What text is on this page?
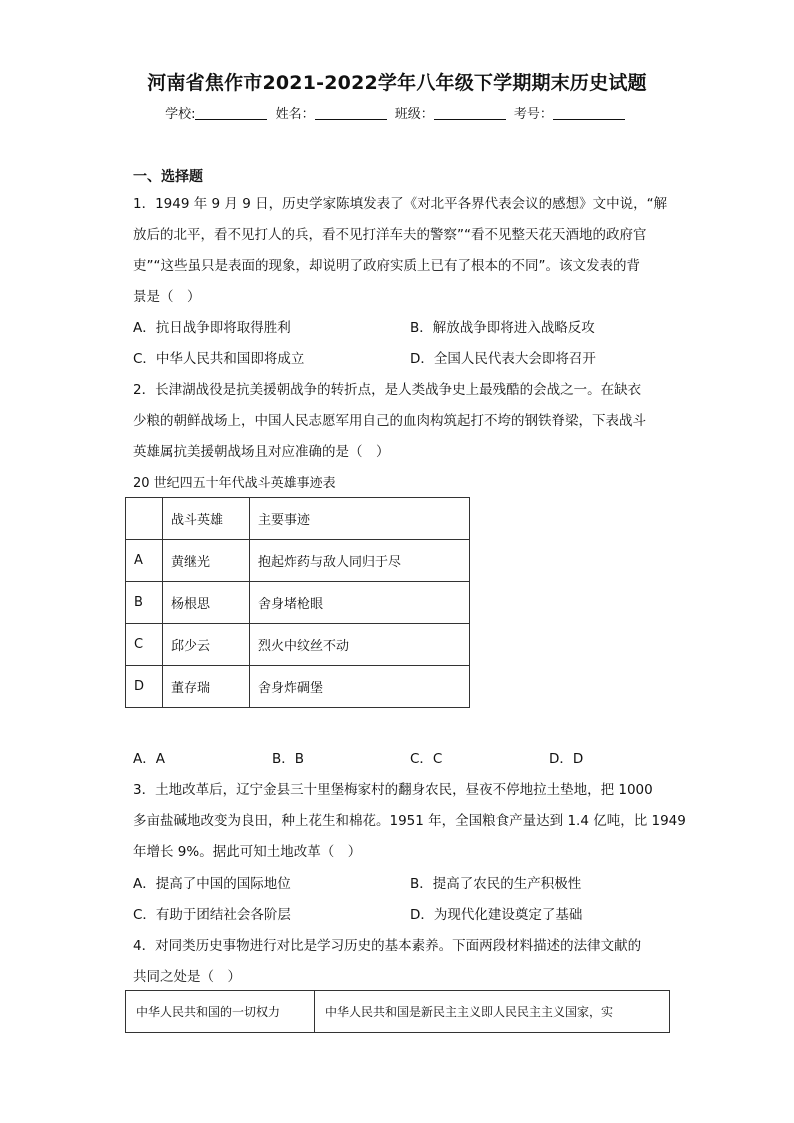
河南省焦作市2021-2022学年八年级下学期期末历史试题
学校:	姓名：	班级：	考号：
一、选择题
1．1949 年 9 月 9 日，历史学家陈填发表了《对北平各界代表会议的感想》文中说，“解
放后的北平，看不见打人的兵，看不见打洋车夫的警察”“看不见整天花天酒地的政府官
吏”“这些虽只是表面的现象，却说明了政府实质上已有了根本的不同”。该文发表的背
景是（　）
A．抗日战争即将取得胜利	B．解放战争即将进入战略反攻
C．中华人民共和国即将成立	D．全国人民代表大会即将召开
2．长津湖战役是抗美援朝战争的转折点，是人类战争史上最残酷的会战之一。在缺衣
少粮的朝鲜战场上，中国人民志愿军用自己的血肉构筑起打不垮的钢铁脊梁，下表战斗
英雄属抗美援朝战场且对应准确的是（　）
20 世纪四五十年代战斗英雄事迹表
	战斗英雄	主要事迹
A	黄继光	抱起炸药与敌人同归于尽
B	杨根思	舍身堵枪眼
C	邱少云	烈火中纹丝不动
D	董存瑞	舍身炸碉堡
A．A	B．B	C．C	D．D
3．土地改革后，辽宁金县三十里堡梅家村的翻身农民，昼夜不停地拉土垫地，把 1000
多亩盐碱地改变为良田，种上花生和棉花。1951 年，全国粮食产量达到 1.4 亿吨，比 1949
年增长 9%。据此可知土地改革（　）
A．提高了中国的国际地位	B．提高了农民的生产积极性
C．有助于团结社会各阶层	D．为现代化建设奠定了基础
4．对同类历史事物进行对比是学习历史的基本素养。下面两段材料描述的法律文献的
共同之处是（　）
中华人民共和国的一切权力	中华人民共和国是新民主主义即人民民主主义国家，实
